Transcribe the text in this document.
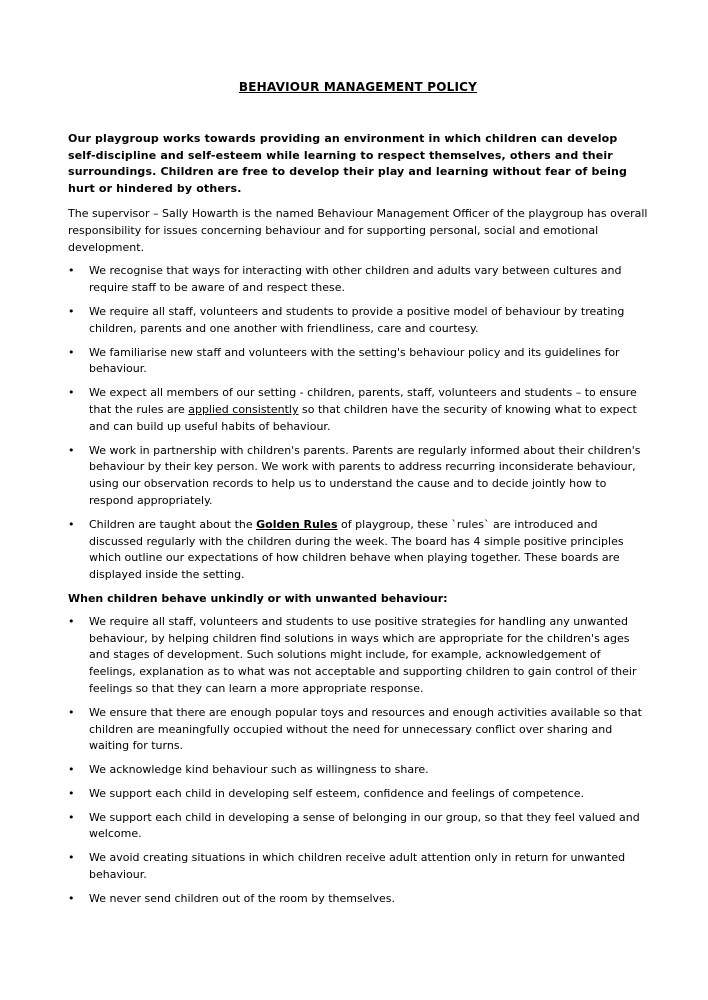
BEHAVIOUR MANAGEMENT POLICY

Our playgroup works towards providing an environment in which children can develop self-discipline and self-esteem while learning to respect themselves, others and their surroundings. Children are free to develop their play and learning without fear of being hurt or hindered by others.

The supervisor – Sally Howarth is the named Behaviour Management Officer of the playgroup has overall responsibility for issues concerning behaviour and for supporting personal, social and emotional development.

•	We recognise that ways for interacting with other children and adults vary between cultures and require staff to be aware of and respect these.
•	We require all staff, volunteers and students to provide a positive model of behaviour by treating children, parents and one another with friendliness, care and courtesy.
•	We familiarise new staff and volunteers with the setting's behaviour policy and its guidelines for behaviour.
•	We expect all members of our setting - children, parents, staff, volunteers and students – to ensure that the rules are applied consistently so that children have the security of knowing what to expect and can build up useful habits of behaviour.
•	We work in partnership with children's parents. Parents are regularly informed about their children's behaviour by their key person. We work with parents to address recurring inconsiderate behaviour, using our observation records to help us to understand the cause and to decide jointly how to respond appropriately.
•	Children are taught about the Golden Rules of playgroup, these `rules` are introduced and discussed regularly with the children during the week. The board has 4 simple positive principles which outline our expectations of how children behave when playing together. These boards are displayed inside the setting.

When children behave unkindly or with unwanted behaviour:

•	We require all staff, volunteers and students to use positive strategies for handling any unwanted behaviour, by helping children find solutions in ways which are appropriate for the children's ages and stages of development. Such solutions might include, for example, acknowledgement of feelings, explanation as to what was not acceptable and supporting children to gain control of their feelings so that they can learn a more appropriate response.
•	We ensure that there are enough popular toys and resources and enough activities available so that children are meaningfully occupied without the need for unnecessary conflict over sharing and waiting for turns.
•	We acknowledge kind behaviour such as willingness to share.
•	We support each child in developing self esteem, confidence and feelings of competence.
•	We support each child in developing a sense of belonging in our group, so that they feel valued and welcome.
•	We avoid creating situations in which children receive adult attention only in return for unwanted behaviour.
•	We never send children out of the room by themselves.
